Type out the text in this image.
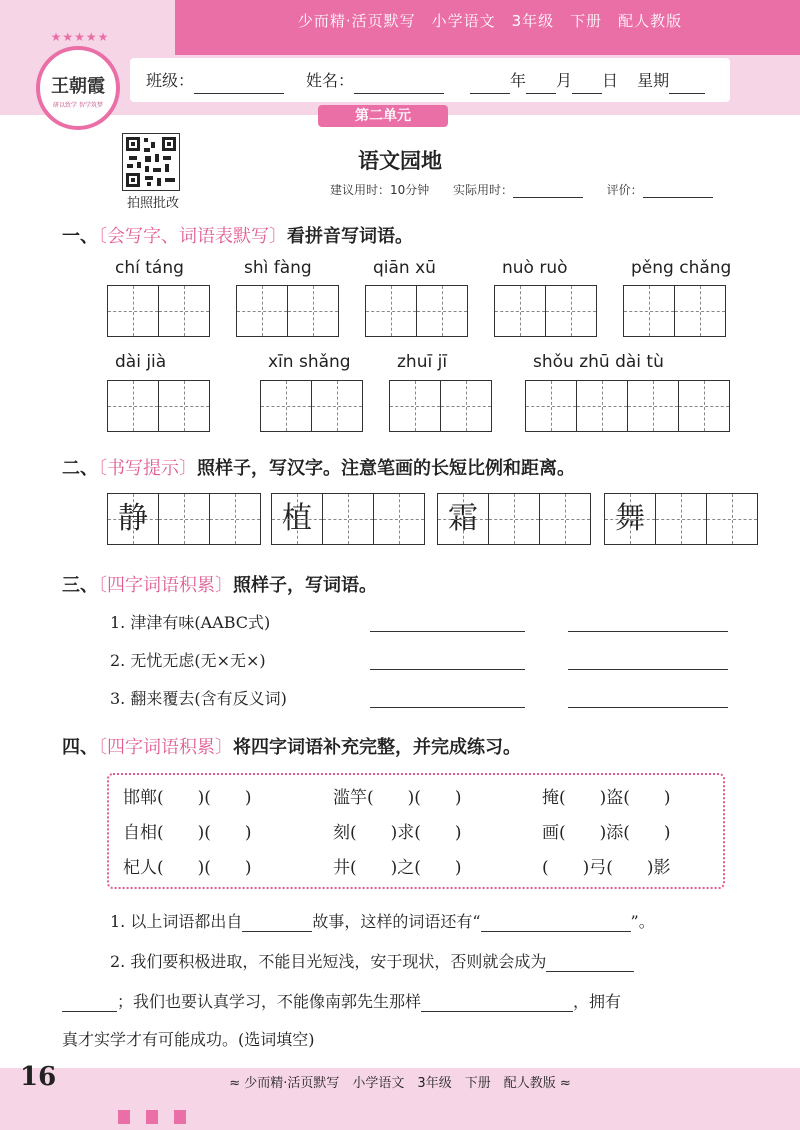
少而精·活页默写　小学语文　3年级　下册　配人教版
★★★★★
王朝霞
研以致学 智学筑梦
班级：	姓名：	年 月 日 星期
第二单元
拍照批改
语文园地
建议用时：10分钟 实际用时：	评价：
一、〔会写字、词语表默写〕看拼音写词语。
chí táng	shì fàng	qiān xū	nuò ruò	pěng chǎng
dài jià	xīn shǎng	zhuī jī	shǒu zhū dài tù
二、〔书写提示〕照样子，写汉字。注意笔画的长短比例和距离。
静	植	霜	舞
三、〔四字词语积累〕照样子，写词语。
1. 津津有味(AABC式)
2. 无忧无虑(无×无×)
3. 翻来覆去(含有反义词)
四、〔四字词语积累〕将四字词语补充完整，并完成练习。
邯郸(　　)(　　)	滥竽(　　)(　　)	掩(　　)盗(　　)
自相(　　)(　　)	刻(　　)求(　　)	画(　　)添(　　)
杞人(　　)(　　)	井(　　)之(　　)	(　　)弓(　　)影
1. 以上词语都出自	故事，这样的词语还有“	”。
2. 我们要积极进取，不能目光短浅，安于现状，否则就会成为
；我们也要认真学习，不能像南郭先生那样	，拥有
真才实学才有可能成功。(选词填空)
16	≈ 少而精·活页默写　小学语文　3年级　下册　配人教版 ≈
